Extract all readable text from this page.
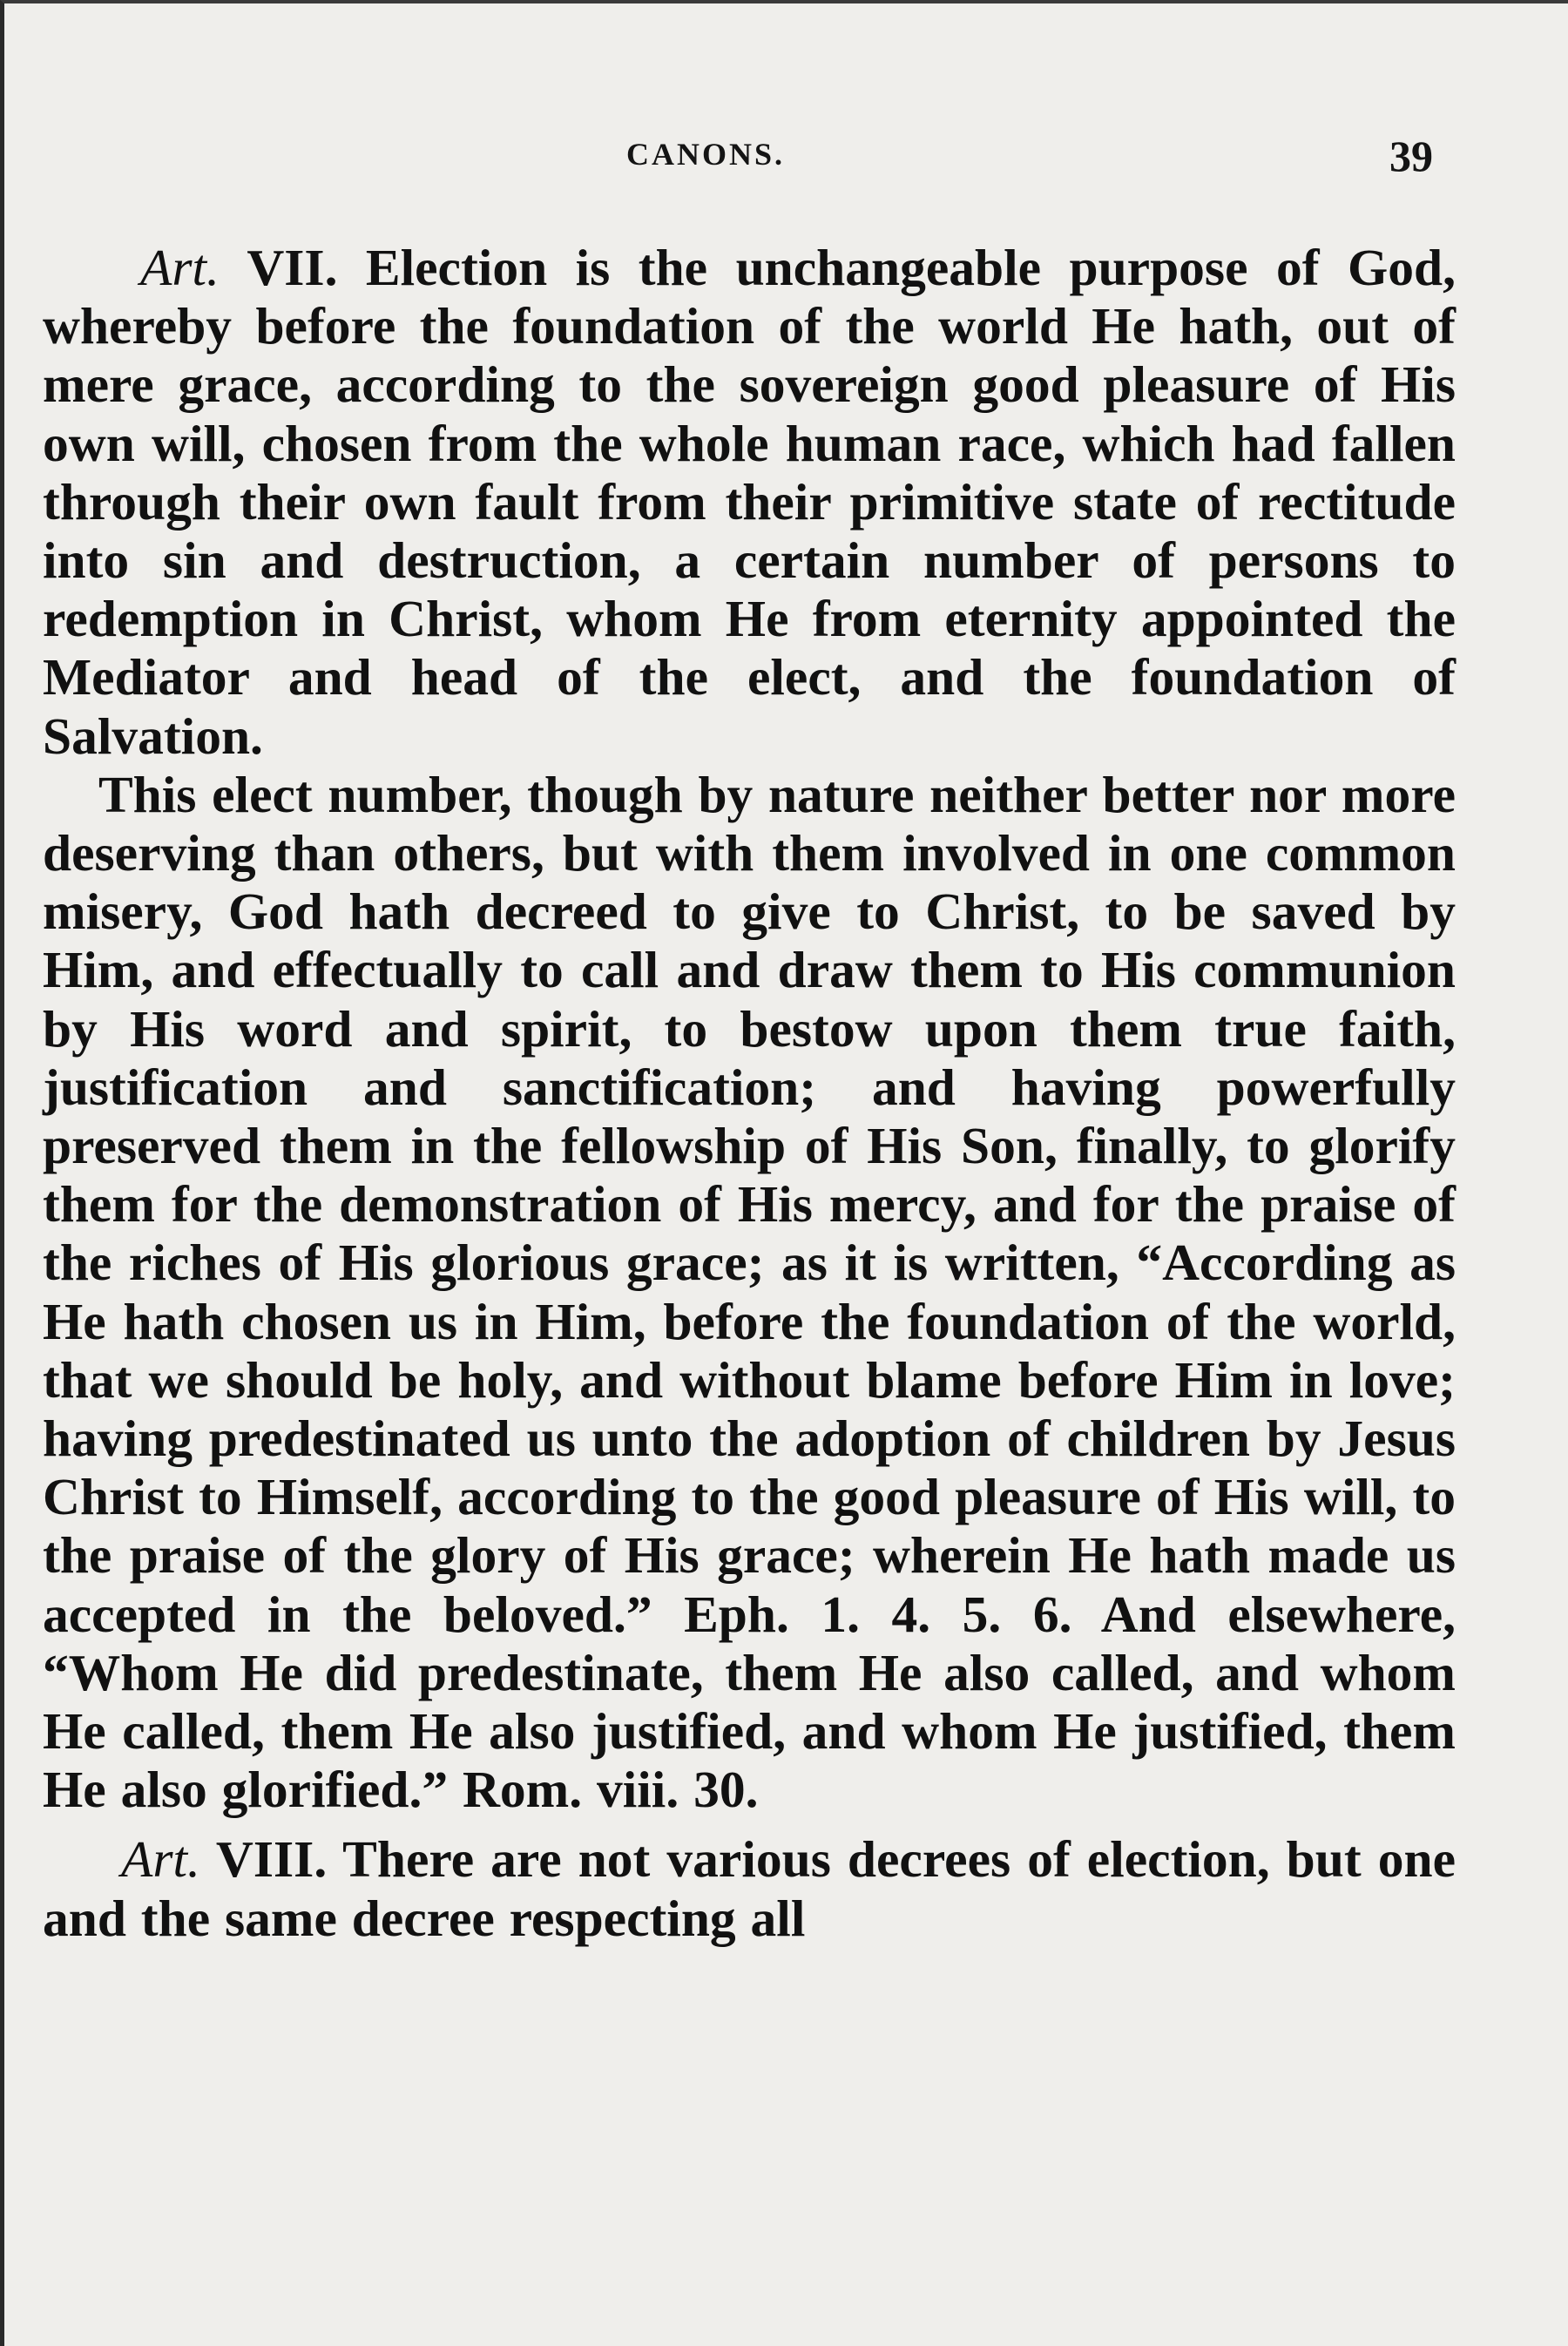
CANONS.	39

Art. VII. Election is the unchangeable purpose of God, whereby before the foundation of the world He hath, out of mere grace, according to the sovereign good pleasure of His own will, chosen from the whole human race, which had fallen through their own fault from their primitive state of rectitude into sin and destruction, a certain number of persons to redemption in Christ, whom He from eternity appointed the Mediator and head of the elect, and the foundation of Salvation.

This elect number, though by nature neither better nor more deserving than others, but with them involved in one common misery, God hath decreed to give to Christ, to be saved by Him, and effectually to call and draw them to His communion by His word and spirit, to bestow upon them true faith, justification and sanctification; and having powerfully preserved them in the fellowship of His Son, finally, to glorify them for the demonstration of His mercy, and for the praise of the riches of His glorious grace; as it is written, “According as He hath chosen us in Him, before the foundation of the world, that we should be holy, and without blame before Him in love; having predestinated us unto the adoption of children by Jesus Christ to Himself, according to the good pleasure of His will, to the praise of the glory of His grace; wherein He hath made us accepted in the beloved.” Eph. 1. 4. 5. 6. And elsewhere, “Whom He did predestinate, them He also called, and whom He called, them He also justified, and whom He justified, them He also glorified.” Rom. viii. 30.

Art. VIII. There are not various decrees of election, but one and the same decree respecting all
